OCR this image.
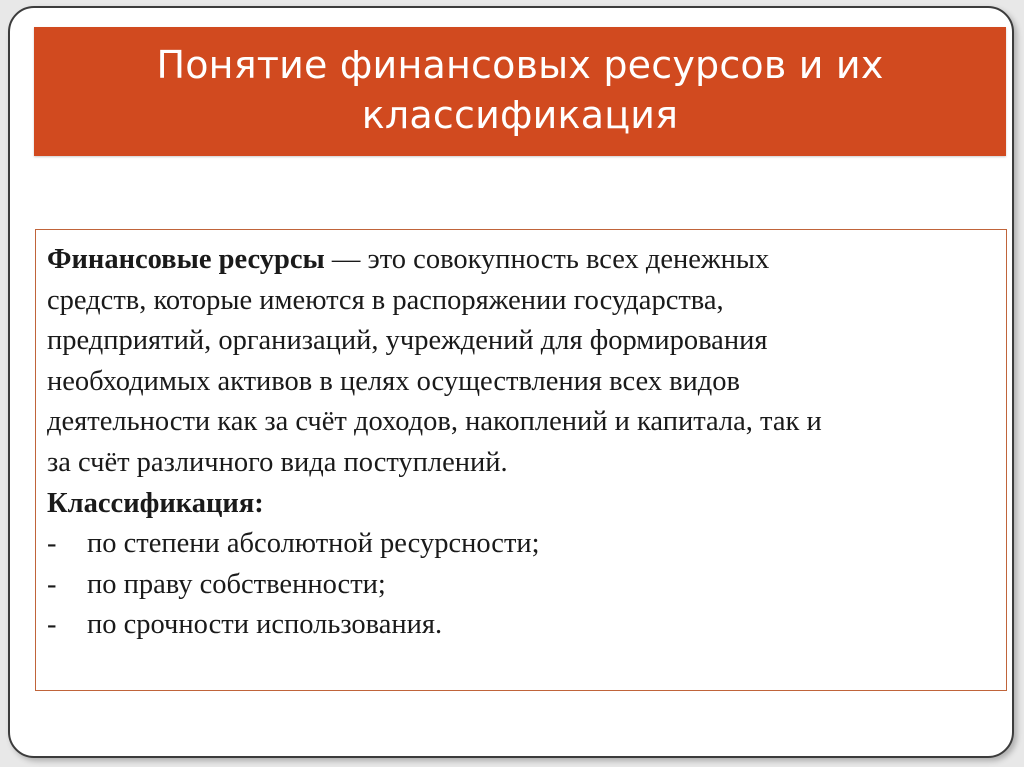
Понятие финансовых ресурсов и их
классификация

Финансовые ресурсы — это совокупность всех денежных

средств, которые имеются в распоряжении государства,

предприятий, организаций, учреждений для формирования

необходимых активов в целях осуществления всех видов

деятельности как за счёт доходов, накоплений и капитала, так и

за счёт различного вида поступлений.

Классификация:

-	по степени абсолютной ресурсности;
-	по праву собственности;
-	по срочности использования.
